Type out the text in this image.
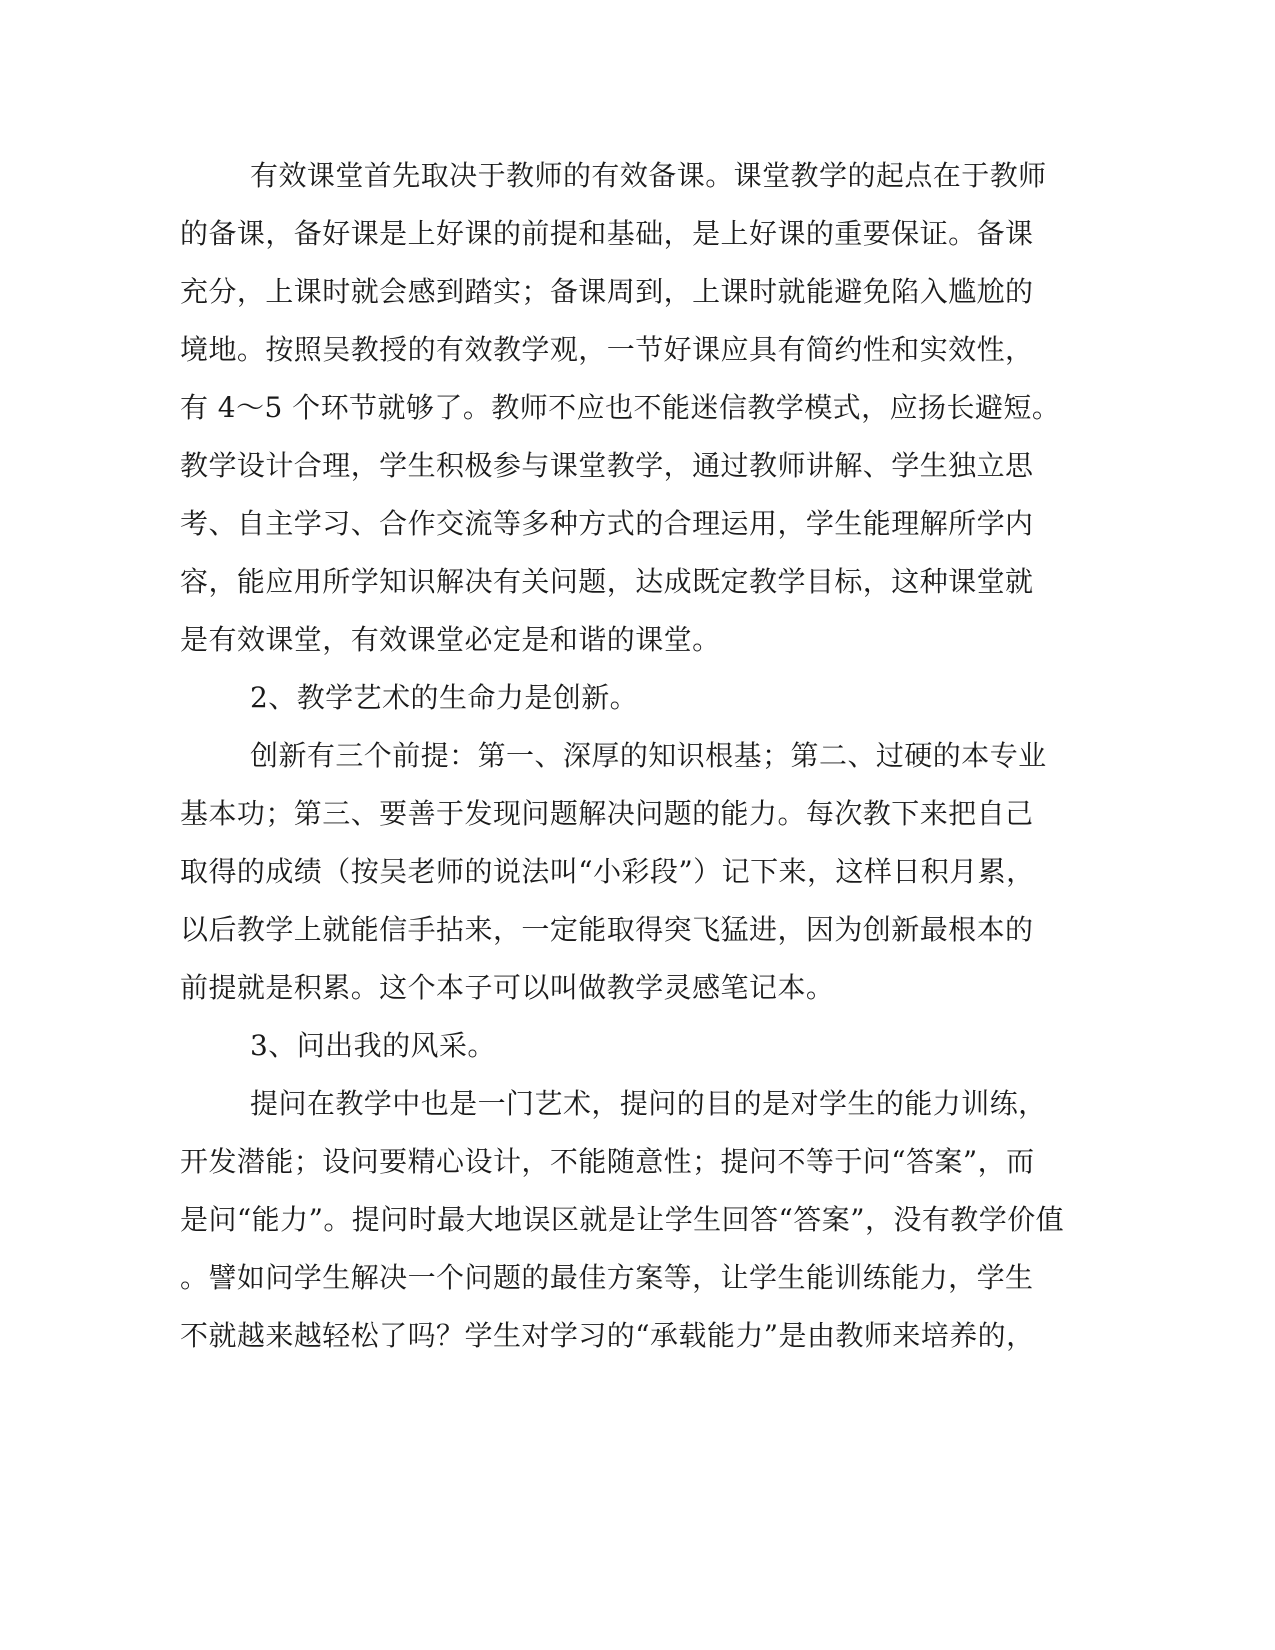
有效课堂首先取决于教师的有效备课。课堂教学的起点在于教师
的备课，备好课是上好课的前提和基础，是上好课的重要保证。备课
充分，上课时就会感到踏实；备课周到，上课时就能避免陷入尴尬的
境地。按照吴教授的有效教学观，一节好课应具有简约性和实效性，
有 4～5 个环节就够了。教师不应也不能迷信教学模式，应扬长避短。
教学设计合理，学生积极参与课堂教学，通过教师讲解、学生独立思
考、自主学习、合作交流等多种方式的合理运用，学生能理解所学内
容，能应用所学知识解决有关问题，达成既定教学目标，这种课堂就
是有效课堂，有效课堂必定是和谐的课堂。
2、教学艺术的生命力是创新。
创新有三个前提：第一、深厚的知识根基；第二、过硬的本专业
基本功；第三、要善于发现问题解决问题的能力。每次教下来把自己
取得的成绩（按吴老师的说法叫“小彩段”）记下来，这样日积月累，
以后教学上就能信手拈来，一定能取得突飞猛进，因为创新最根本的
前提就是积累。这个本子可以叫做教学灵感笔记本。
3、问出我的风采。
提问在教学中也是一门艺术，提问的目的是对学生的能力训练，
开发潜能；设问要精心设计，不能随意性；提问不等于问“答案”，而
是问“能力”。提问时最大地误区就是让学生回答“答案”，没有教学价值
。譬如问学生解决一个问题的最佳方案等，让学生能训练能力，学生
不就越来越轻松了吗？学生对学习的“承载能力”是由教师来培养的，
